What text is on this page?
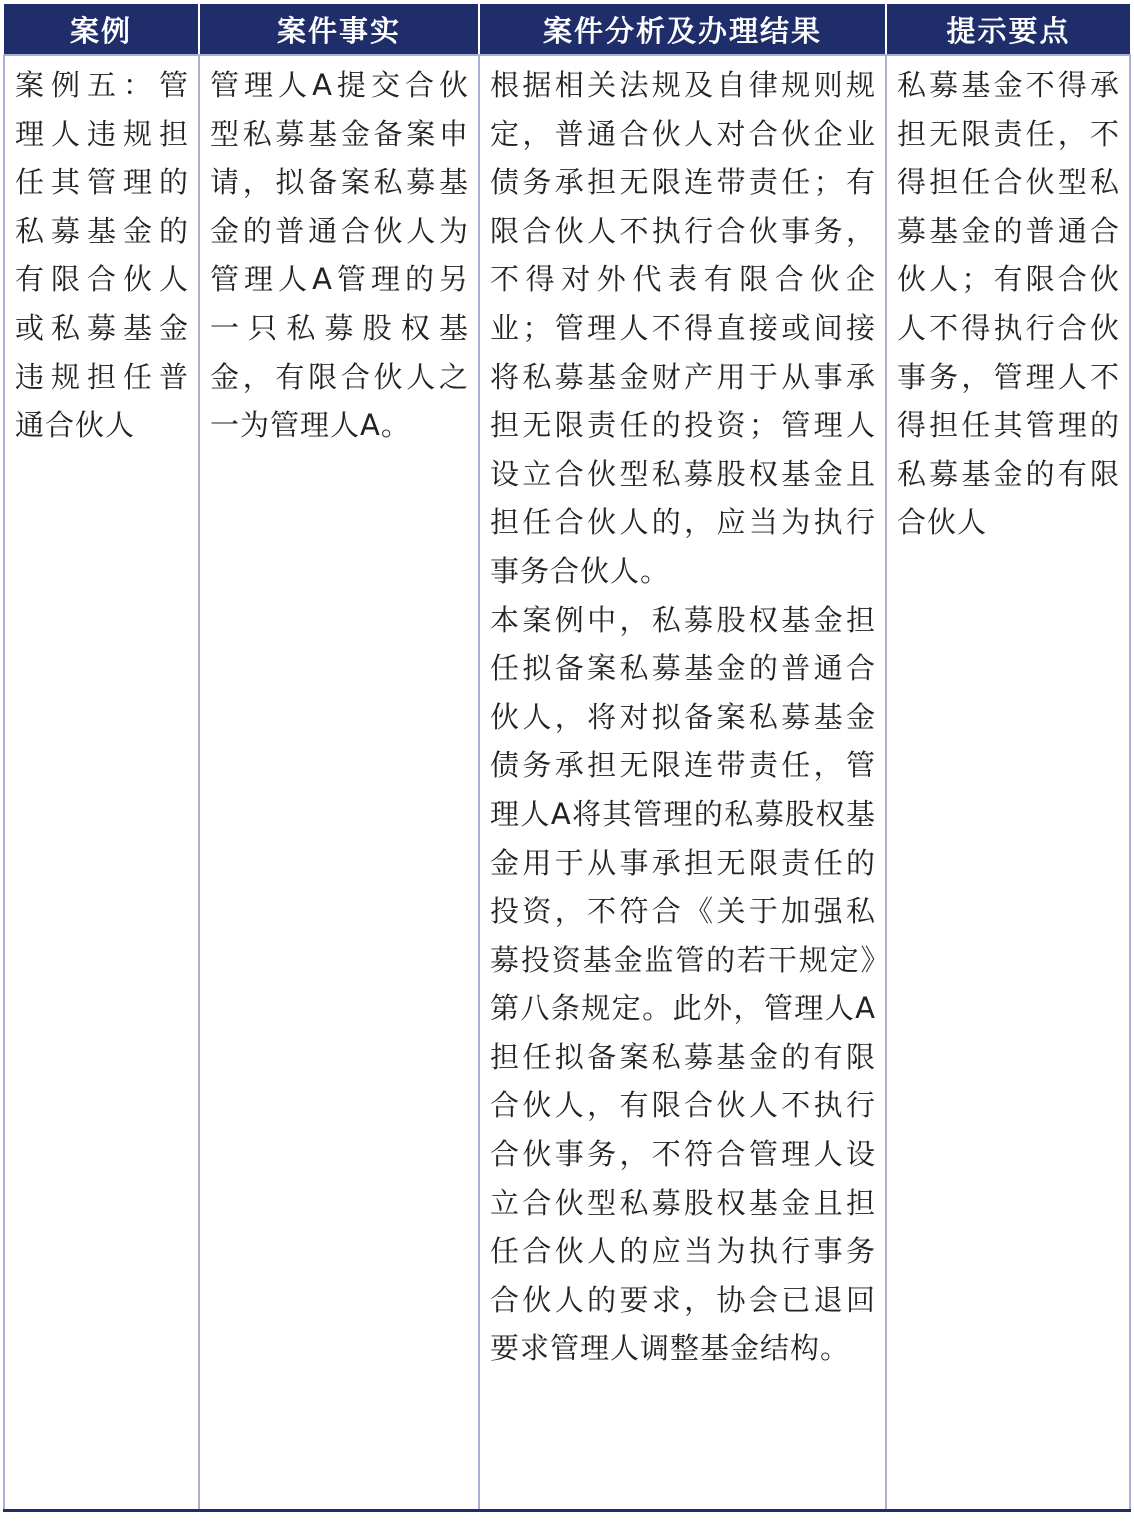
案例	案件事实	案件分析及办理结果	提示要点

案例五：管理人违规担任其管理的私募基金的有限合伙人或私募基金违规担任普通合伙人	管理人A提交合伙型私募基金备案申请，拟备案私募基金的普通合伙人为管理人A管理的另一只私募股权基金，有限合伙人之一为管理人A。	根据相关法规及自律规则规定，普通合伙人对合伙企业债务承担无限连带责任；有限合伙人不执行合伙事务，不得对外代表有限合伙企业；管理人不得直接或间接将私募基金财产用于从事承担无限责任的投资；管理人设立合伙型私募股权基金且担任合伙人的，应当为执行事务合伙人。

本案例中，私募股权基金担任拟备案私募基金的普通合伙人，将对拟备案私募基金债务承担无限连带责任，管理人A将其管理的私募股权基金用于从事承担无限责任的投资，不符合《关于加强私募投资基金监管的若干规定》第八条规定。此外，管理人A担任拟备案私募基金的有限合伙人，有限合伙人不执行合伙事务，不符合管理人设立合伙型私募股权基金且担任合伙人的应当为执行事务合伙人的要求，协会已退回要求管理人调整基金结构。	私募基金不得承担无限责任，不得担任合伙型私募基金的普通合伙人；有限合伙人不得执行合伙事务，管理人不得担任其管理的私募基金的有限合伙人
